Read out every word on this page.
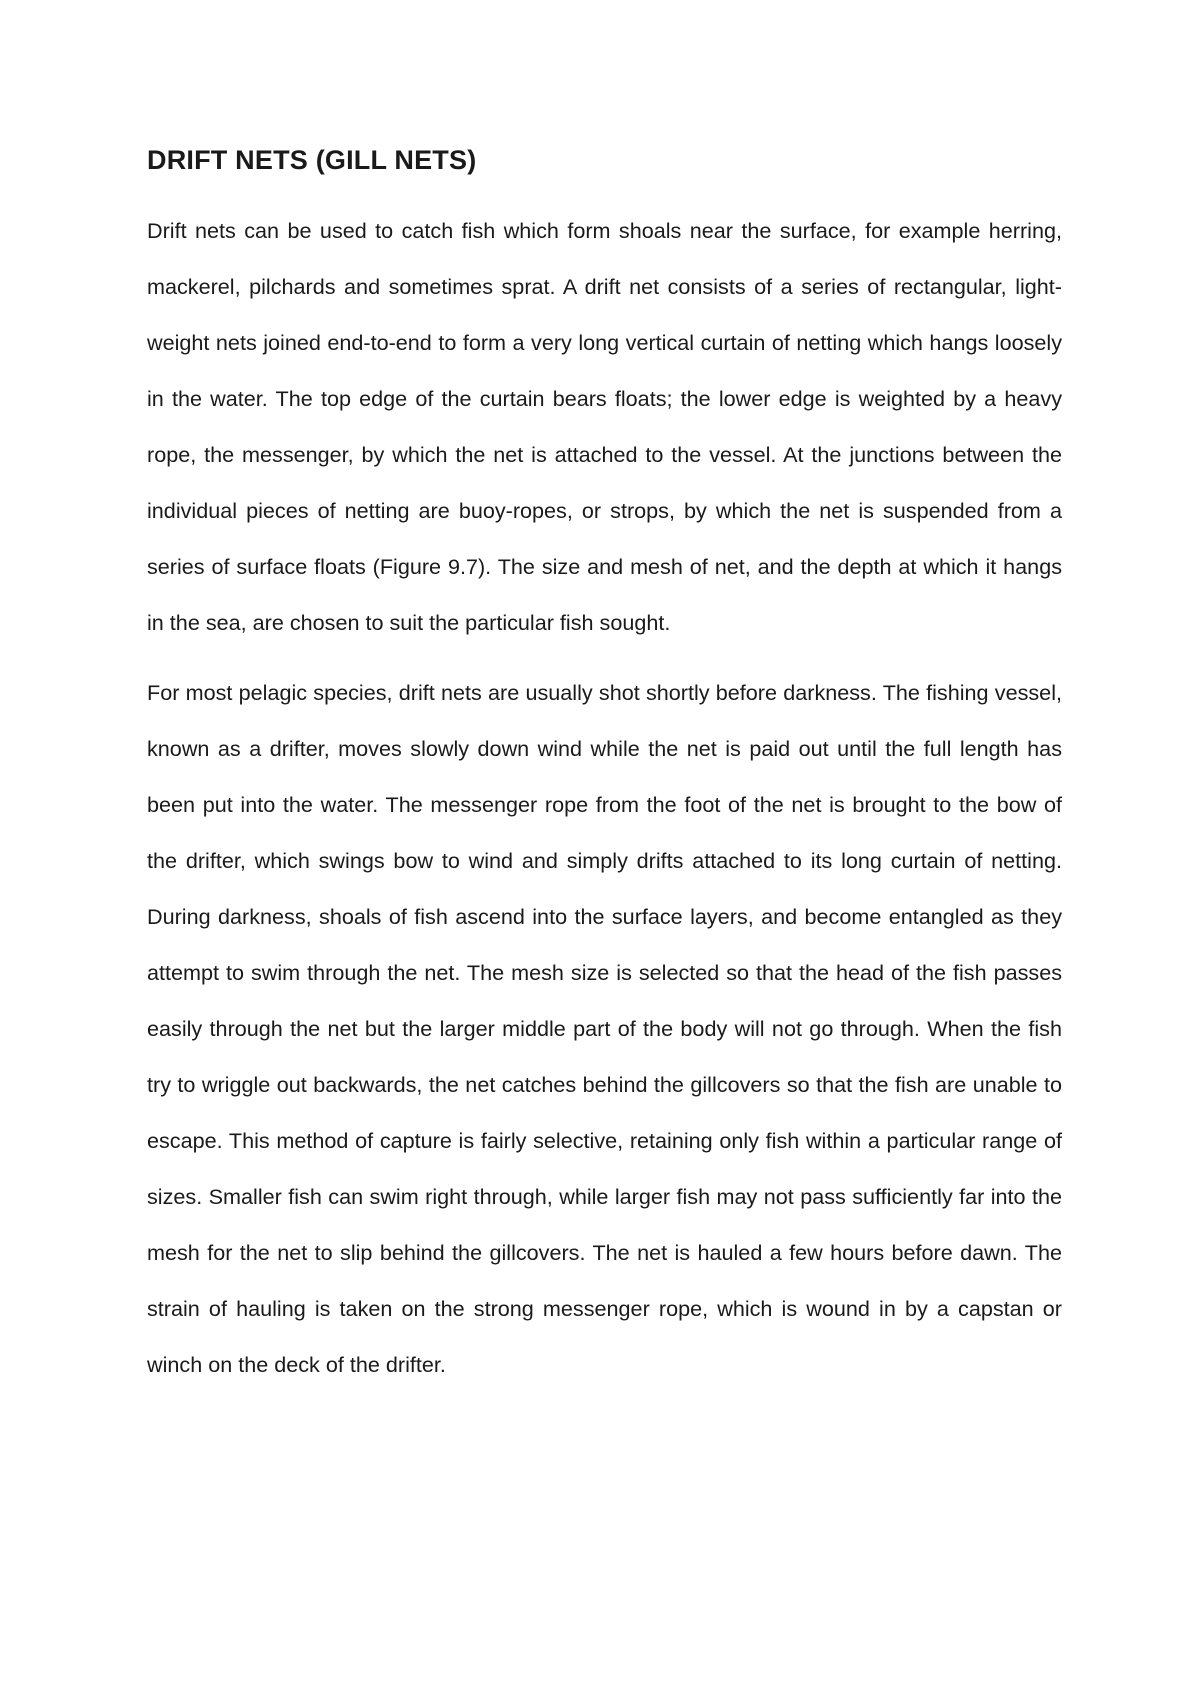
DRIFT NETS (GILL NETS)

Drift nets can be used to catch fish which form shoals near the surface, for example herring, mackerel, pilchards and sometimes sprat. A drift net consists of a series of rectangular, light-weight nets joined end-to-end to form a very long vertical curtain of netting which hangs loosely in the water. The top edge of the curtain bears floats; the lower edge is weighted by a heavy rope, the messenger, by which the net is attached to the vessel. At the junctions between the individual pieces of netting are buoy-ropes, or strops, by which the net is suspended from a series of surface floats (Figure 9.7). The size and mesh of net, and the depth at which it hangs in the sea, are chosen to suit the particular fish sought.

For most pelagic species, drift nets are usually shot shortly before darkness. The fishing vessel, known as a drifter, moves slowly down wind while the net is paid out until the full length has been put into the water. The messenger rope from the foot of the net is brought to the bow of the drifter, which swings bow to wind and simply drifts attached to its long curtain of netting. During darkness, shoals of fish ascend into the surface layers, and become entangled as they attempt to swim through the net. The mesh size is selected so that the head of the fish passes easily through the net but the larger middle part of the body will not go through. When the fish try to wriggle out backwards, the net catches behind the gillcovers so that the fish are unable to escape. This method of capture is fairly selective, retaining only fish within a particular range of sizes. Smaller fish can swim right through, while larger fish may not pass sufficiently far into the mesh for the net to slip behind the gillcovers. The net is hauled a few hours before dawn. The strain of hauling is taken on the strong messenger rope, which is wound in by a capstan or winch on the deck of the drifter.
